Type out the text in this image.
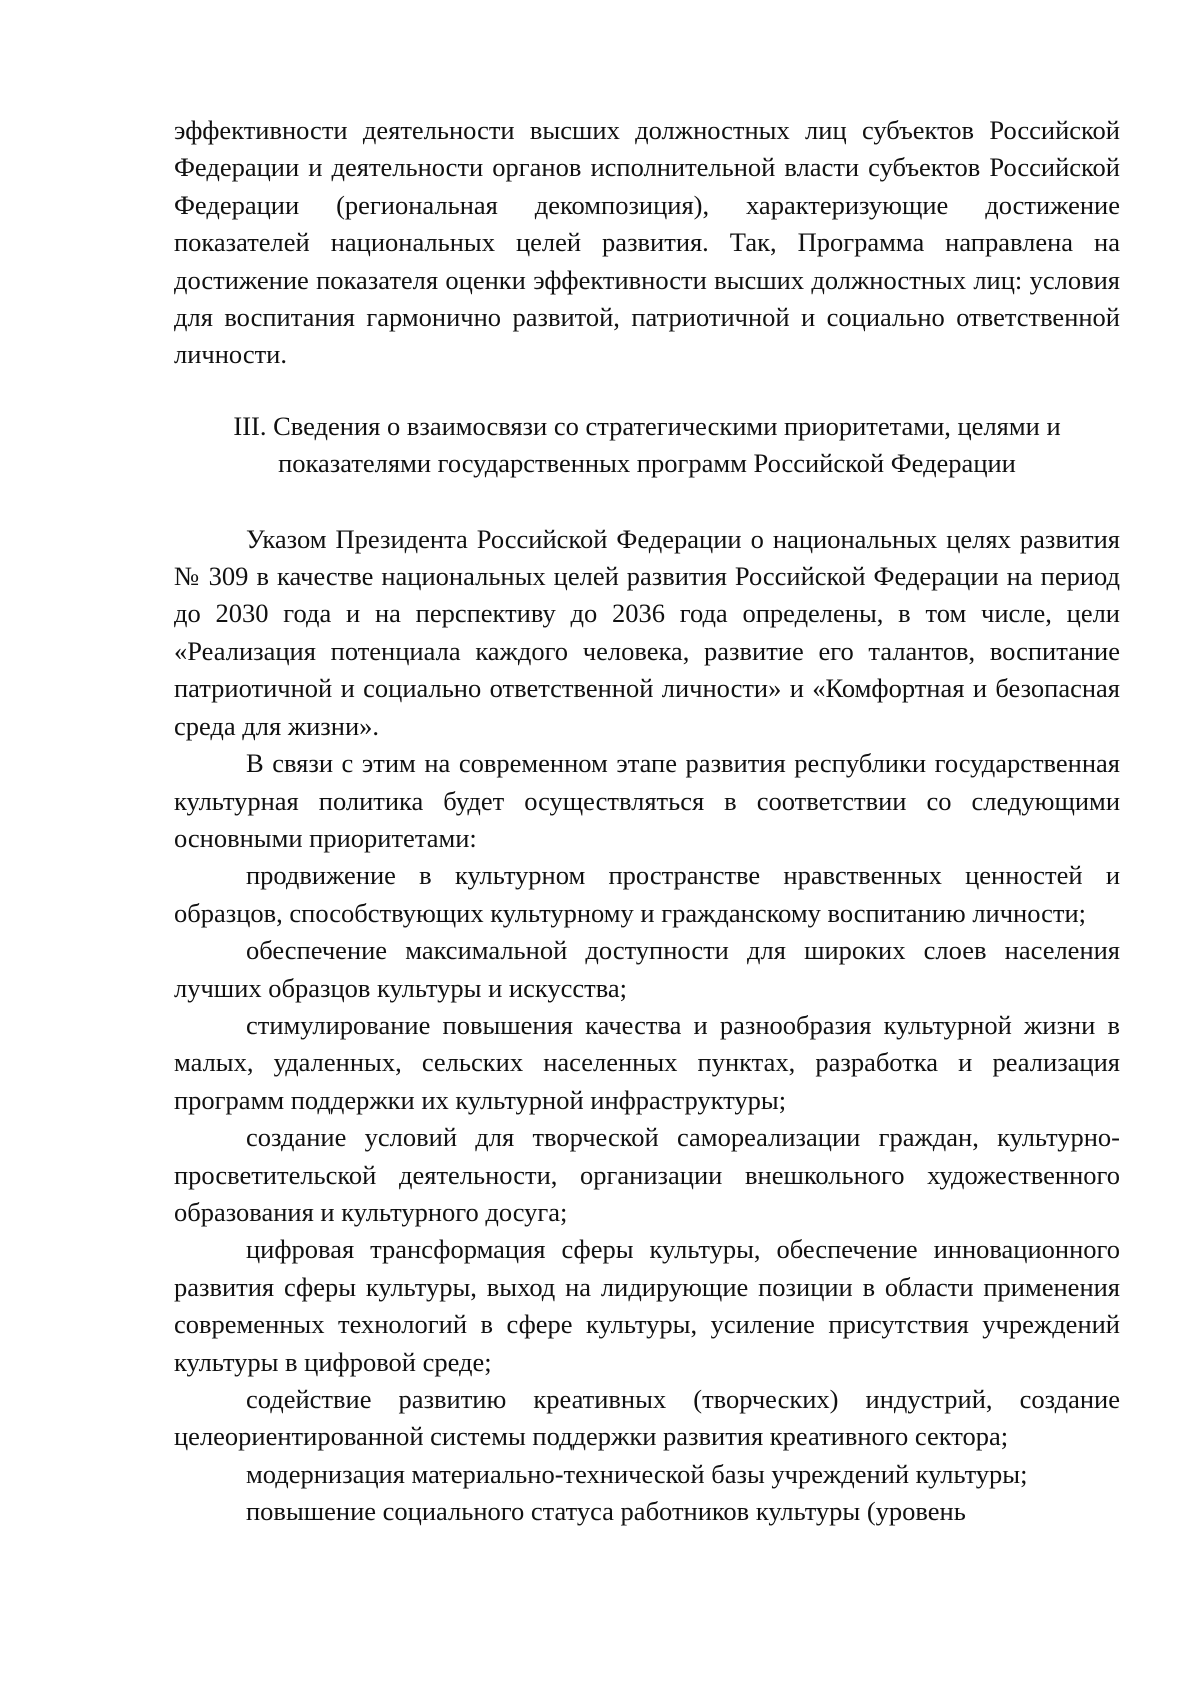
эффективности деятельности высших должностных лиц субъектов Российской Федерации и деятельности органов исполнительной власти субъектов Российской Федерации (региональная декомпозиция), характеризующие достижение показателей национальных целей развития. Так, Программа направлена на достижение показателя оценки эффективности высших должностных лиц: условия для воспитания гармонично развитой, патриотичной и социально ответственной личности.

III. Сведения о взаимосвязи со стратегическими приоритетами, целями и
показателями государственных программ Российской Федерации

Указом Президента Российской Федерации о национальных целях развития № 309 в качестве национальных целей развития Российской Федерации на период до 2030 года и на перспективу до 2036 года определены, в том числе, цели «Реализация потенциала каждого человека, развитие его талантов, воспитание патриотичной и социально ответственной личности» и «Комфортная и безопасная среда для жизни».

В связи с этим на современном этапе развития республики государственная культурная политика будет осуществляться в соответствии со следующими основными приоритетами:

продвижение в культурном пространстве нравственных ценностей и образцов, способствующих культурному и гражданскому воспитанию личности;

обеспечение максимальной доступности для широких слоев населения лучших образцов культуры и искусства;

стимулирование повышения качества и разнообразия культурной жизни в малых, удаленных, сельских населенных пунктах, разработка и реализация программ поддержки их культурной инфраструктуры;

создание условий для творческой самореализации граждан, культурно-просветительской деятельности, организации внешкольного художественного образования и культурного досуга;

цифровая трансформация сферы культуры, обеспечение инновационного развития сферы культуры, выход на лидирующие позиции в области применения современных технологий в сфере культуры, усиление присутствия учреждений культуры в цифровой среде;

содействие развитию креативных (творческих) индустрий, создание целеориентированной системы поддержки развития креативного сектора;

модернизация материально-технической базы учреждений культуры;

повышение социального статуса работников культуры (уровень
